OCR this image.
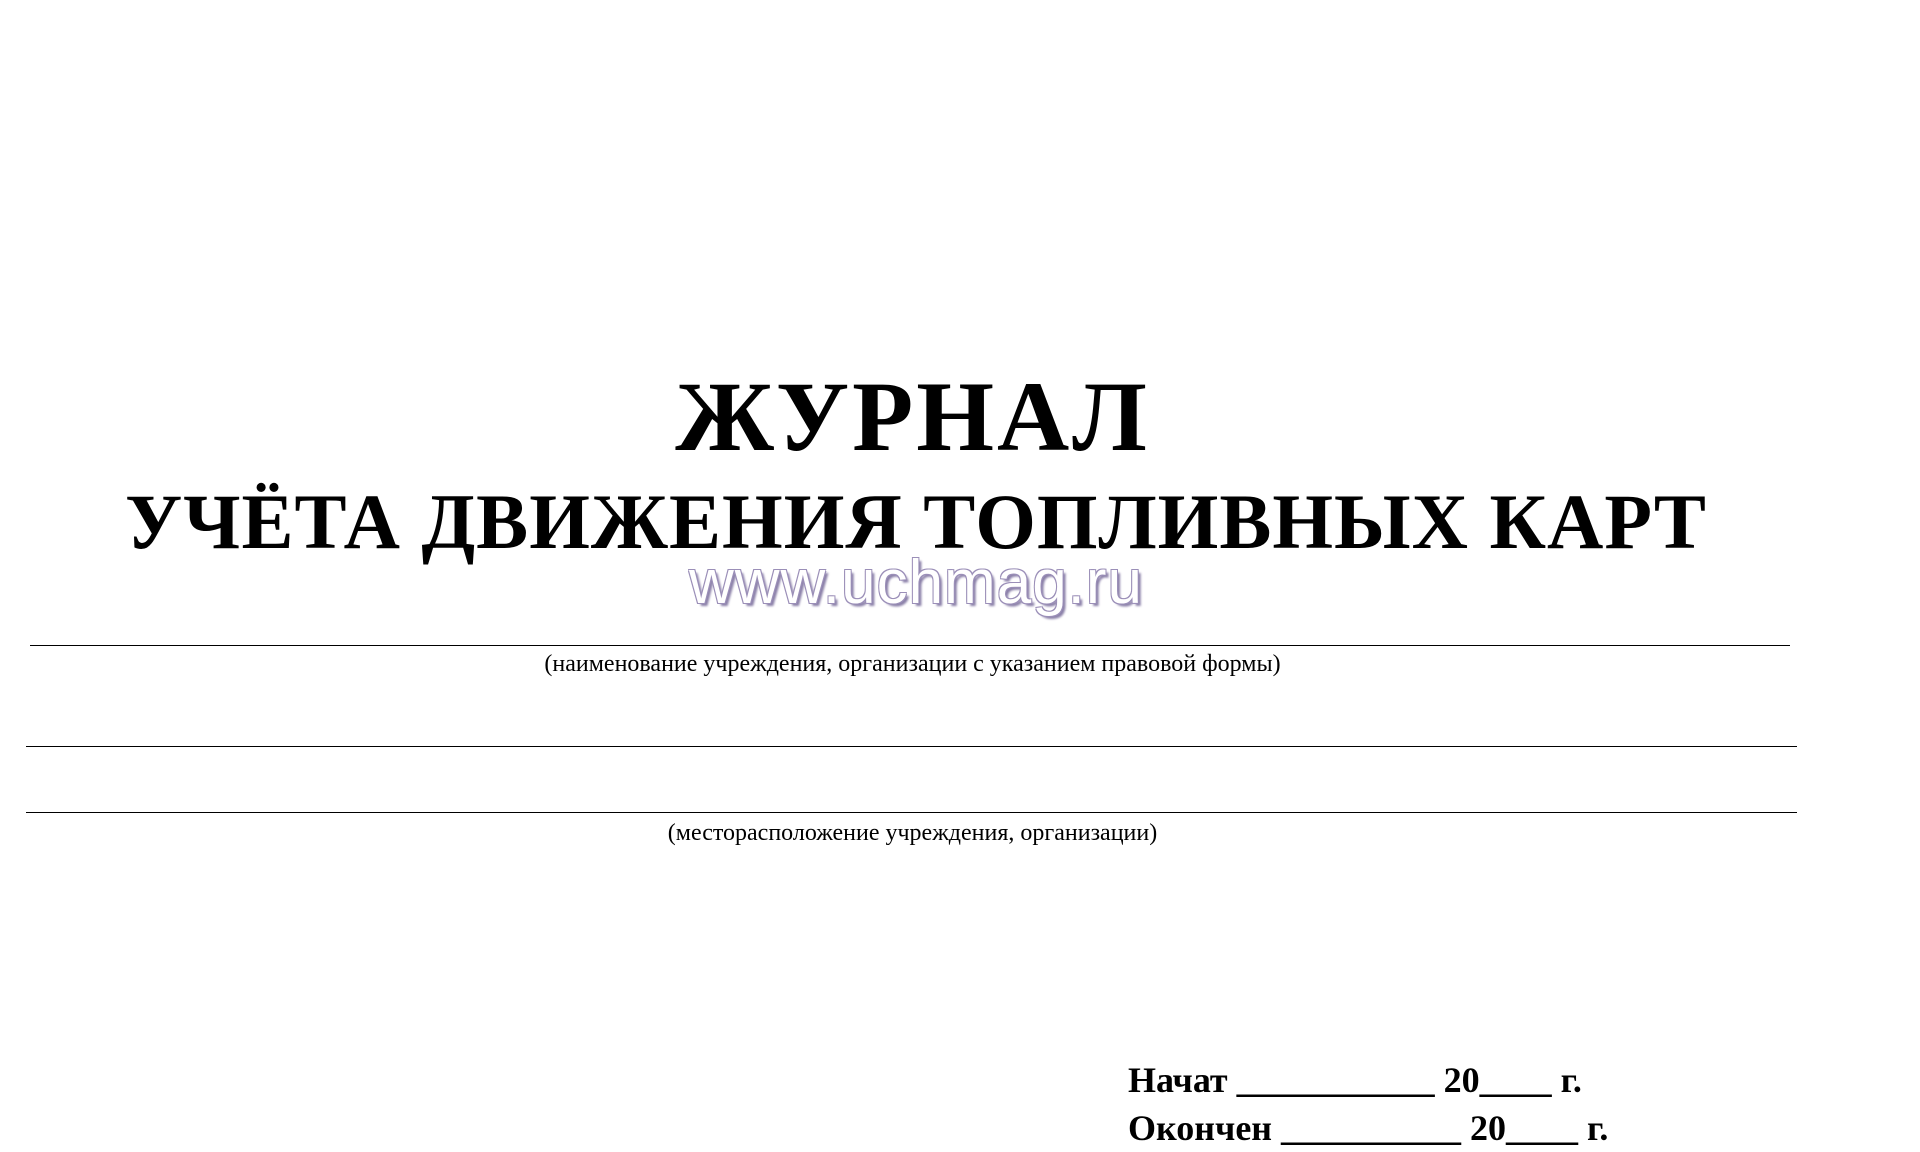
ЖУРНАЛ
УЧЁТА ДВИЖЕНИЯ ТОПЛИВНЫХ КАРТ
www.uchmag.ru
(наименование учреждения, организации с указанием правовой формы)
(месторасположение учреждения, организации)
Начат ___________ 20____ г.
Окончен __________ 20____ г.
